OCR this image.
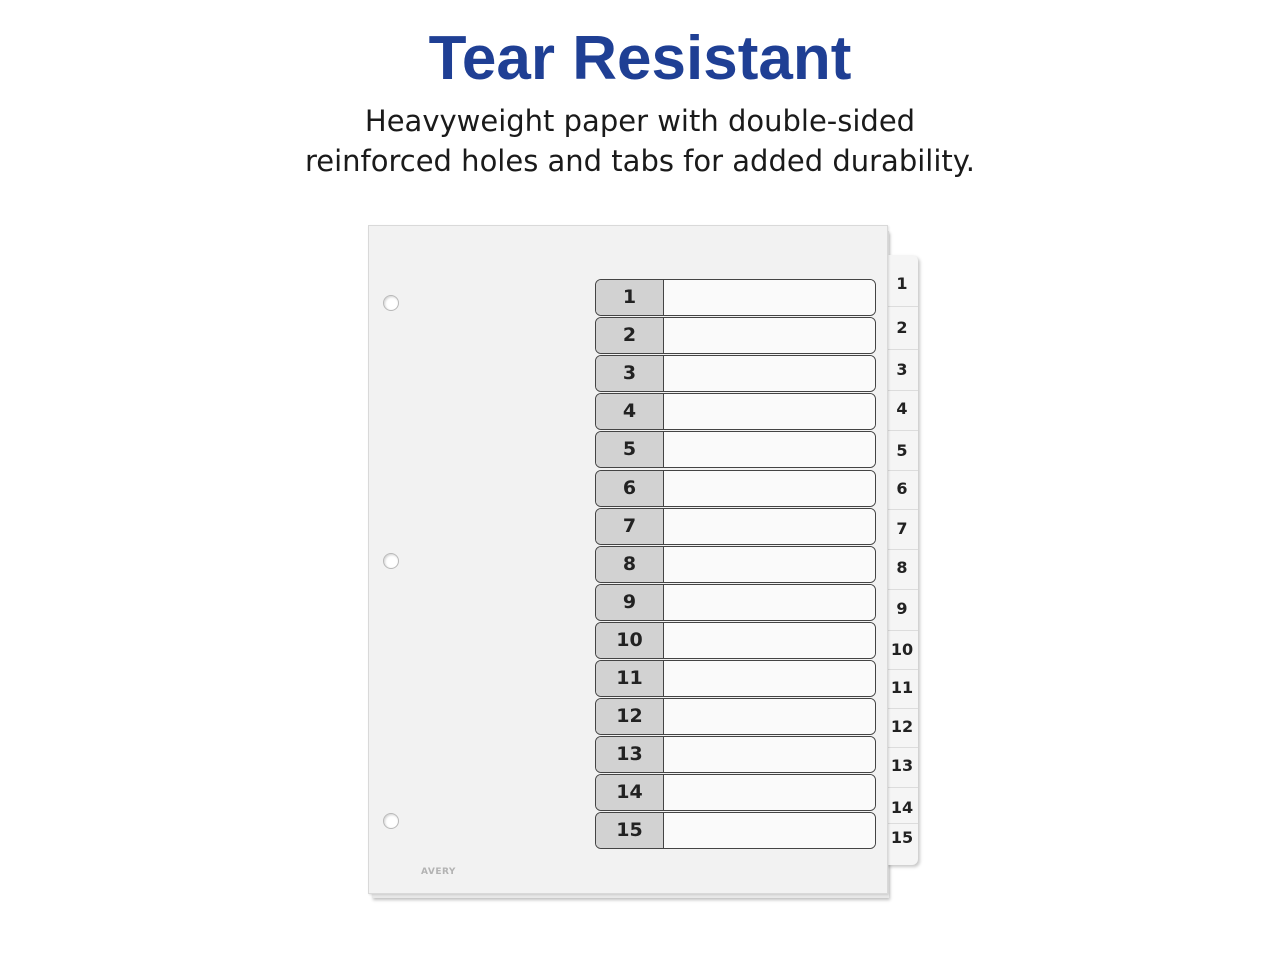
Tear Resistant
Heavyweight paper with double-sided
reinforced holes and tabs for added durability.
1
2
3
4
5
6
7
8
9
10
11
12
13
14
15
AVERY
1
2
3
4
5
6
7
8
9
10
11
12
13
14
15
